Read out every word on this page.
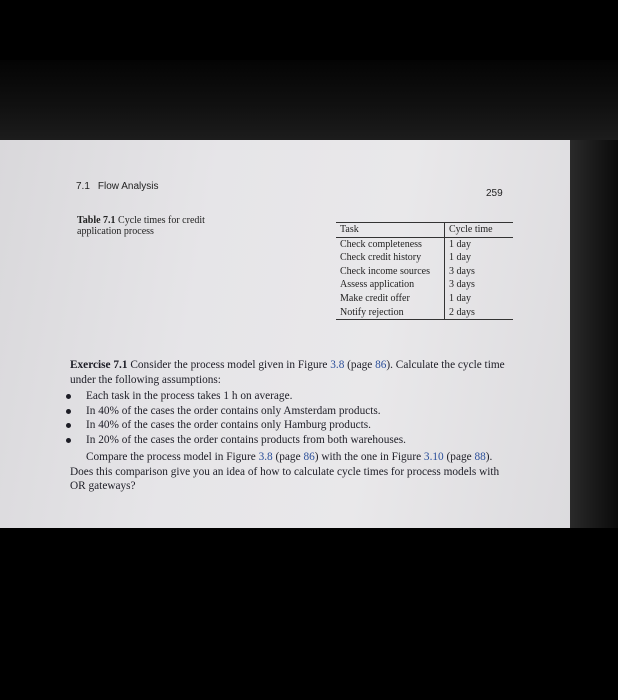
7.1 Flow Analysis
259
Table 7.1 Cycle times for credit application process	Task	Cycle time
Check completeness	1 day
Check credit history	1 day
Check income sources	3 days
Assess application	3 days
Make credit offer	1 day
Notify rejection	2 days

Exercise 7.1 Consider the process model given in Figure 3.8 (page 86). Calculate the cycle time under the following assumptions:

Each task in the process takes 1 h on average.
In 40% of the cases the order contains only Amsterdam products.
In 40% of the cases the order contains only Hamburg products.
In 20% of the cases the order contains products from both warehouses.

Compare the process model in Figure 3.8 (page 86) with the one in Figure 3.10 (page 88). Does this comparison give you an idea of how to calculate cycle times for process models with OR gateways?
